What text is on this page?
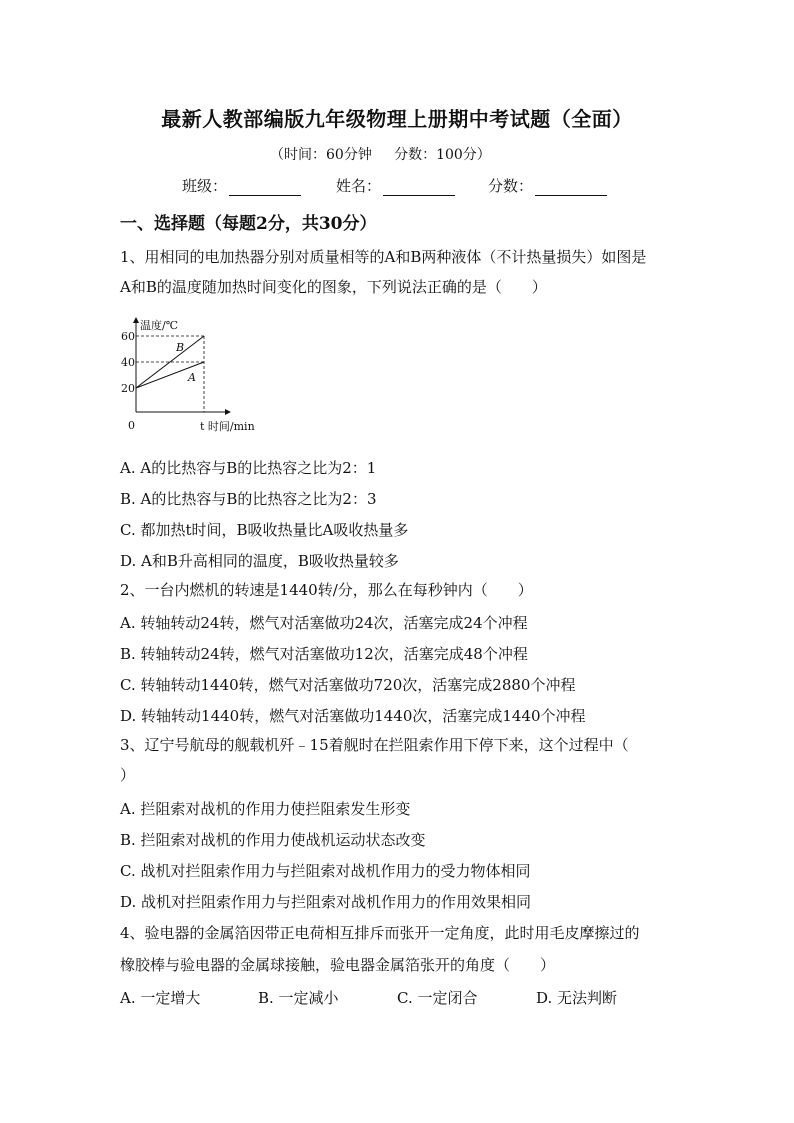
最新人教部编版九年级物理上册期中考试题（全面）
（时间：60分钟     分数：100分）
班级：	姓名：	分数：
一、选择题（每题2分，共30分）
1、用相同的电加热器分别对质量相等的A和B两种液体（不计热量损失）如图是
A和B的温度随加热时间变化的图象，下列说法正确的是（　　）
温度/℃
60
40
20
0	t 时间/min
B
A
A. A的比热容与B的比热容之比为2：1
B. A的比热容与B的比热容之比为2：3
C. 都加热t时间，B吸收热量比A吸收热量多
D. A和B升高相同的温度，B吸收热量较多
2、一台内燃机的转速是1440转/分，那么在每秒钟内（　　）
A. 转轴转动24转，燃气对活塞做功24次，活塞完成24个冲程
B. 转轴转动24转，燃气对活塞做功12次，活塞完成48个冲程
C. 转轴转动1440转，燃气对活塞做功720次，活塞完成2880个冲程
D. 转轴转动1440转，燃气对活塞做功1440次，活塞完成1440个冲程
3、辽宁号航母的舰载机歼﹣15着舰时在拦阻索作用下停下来，这个过程中（
）
A. 拦阻索对战机的作用力使拦阻索发生形变
B. 拦阻索对战机的作用力使战机运动状态改变
C. 战机对拦阻索作用力与拦阻索对战机作用力的受力物体相同
D. 战机对拦阻索作用力与拦阻索对战机作用力的作用效果相同
4、验电器的金属箔因带正电荷相互排斥而张开一定角度，此时用毛皮摩擦过的
橡胶棒与验电器的金属球接触，验电器金属箔张开的角度（　　）
A. 一定增大	B. 一定减小	C. 一定闭合	D. 无法判断
